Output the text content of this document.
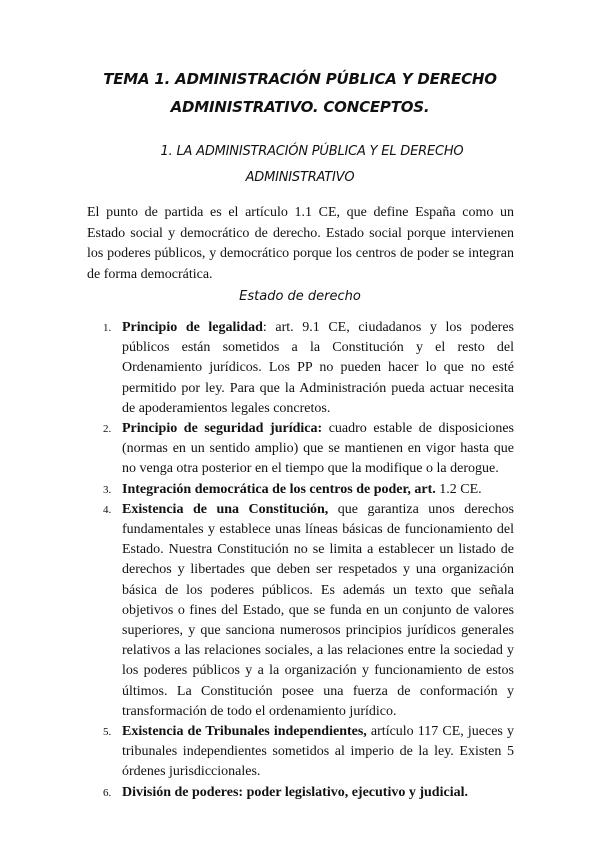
TEMA 1. ADMINISTRACIÓN PÚBLICA Y DERECHO
ADMINISTRATIVO. CONCEPTOS.
1. LA ADMINISTRACIÓN PÚBLICA Y EL DERECHO
ADMINISTRATIVO

El punto de partida es el artículo 1.1 CE, que define España como un Estado social y democrático de derecho. Estado social porque intervienen los poderes públicos, y democrático porque los centros de poder se integran de forma democrática.

Estado de derecho
1. Principio de legalidad: art. 9.1 CE, ciudadanos y los poderes públicos están sometidos a la Constitución y el resto del Ordenamiento jurídicos. Los PP no pueden hacer lo que no esté permitido por ley. Para que la Administración pueda actuar necesita de apoderamientos legales concretos.
2. Principio de seguridad jurídica: cuadro estable de disposiciones (normas en un sentido amplio) que se mantienen en vigor hasta que no venga otra posterior en el tiempo que la modifique o la derogue.
3. Integración democrática de los centros de poder, art. 1.2 CE.
4. Existencia de una Constitución, que garantiza unos derechos fundamentales y establece unas líneas básicas de funcionamiento del Estado. Nuestra Constitución no se limita a establecer un listado de derechos y libertades que deben ser respetados y una organización básica de los poderes públicos. Es además un texto que señala objetivos o fines del Estado, que se funda en un conjunto de valores superiores, y que sanciona numerosos principios jurídicos generales relativos a las relaciones sociales, a las relaciones entre la sociedad y los poderes públicos y a la organización y funcionamiento de estos últimos. La Constitución posee una fuerza de conformación y transformación de todo el ordenamiento jurídico.
5. Existencia de Tribunales independientes, artículo 117 CE, jueces y tribunales independientes sometidos al imperio de la ley. Existen 5 órdenes jurisdiccionales.
6. División de poderes: poder legislativo, ejecutivo y judicial.
